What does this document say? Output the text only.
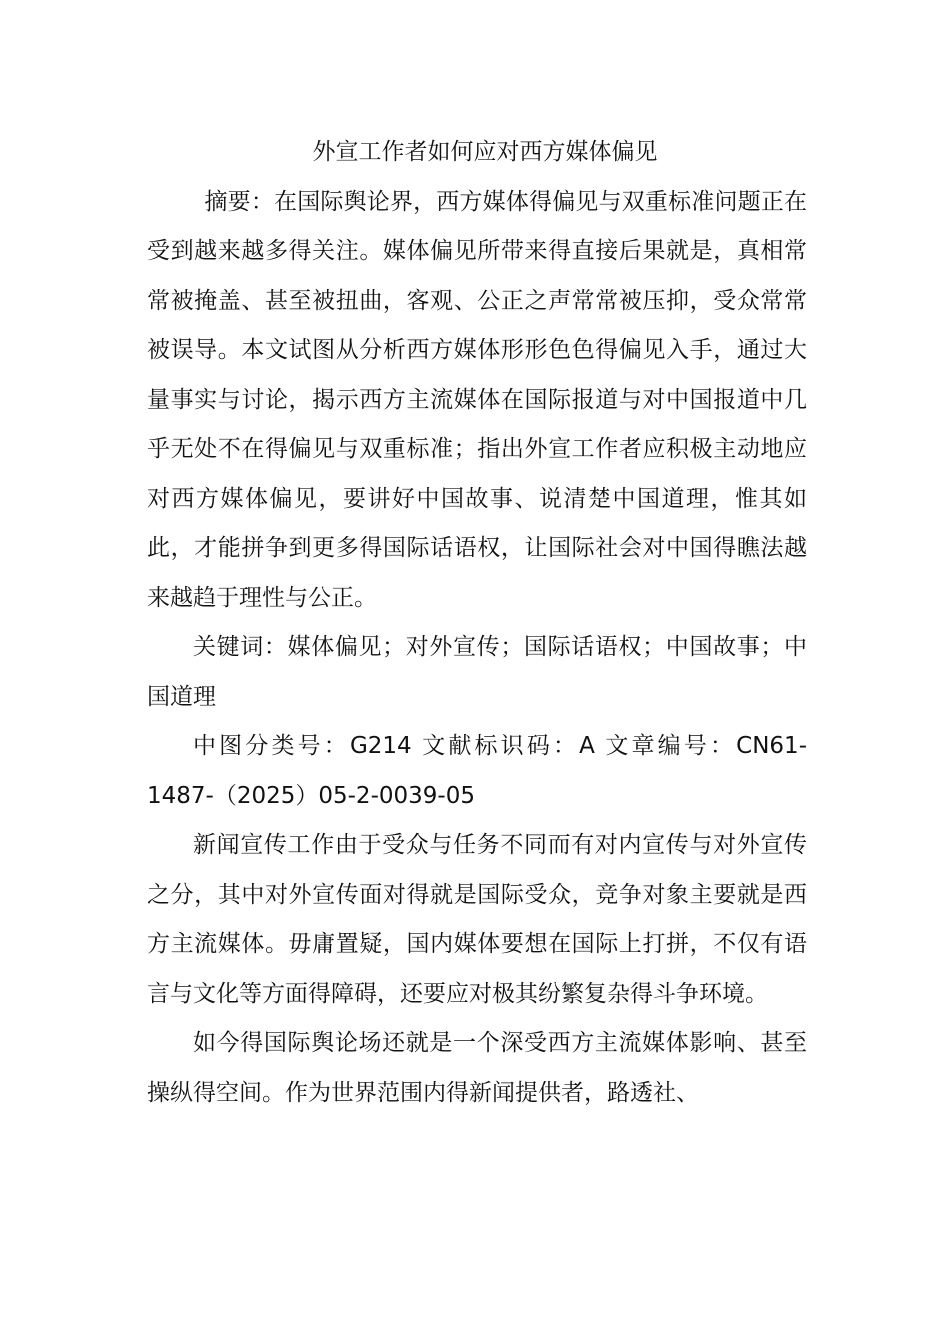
外宣工作者如何应对西方媒体偏见

摘要：在国际舆论界，西方媒体得偏见与双重标准问题正在受到越来越多得关注。媒体偏见所带来得直接后果就是，真相常常被掩盖、甚至被扭曲，客观、公正之声常常被压抑，受众常常被误导。本文试图从分析西方媒体形形色色得偏见入手，通过大量事实与讨论，揭示西方主流媒体在国际报道与对中国报道中几乎无处不在得偏见与双重标准；指出外宣工作者应积极主动地应对西方媒体偏见，要讲好中国故事、说清楚中国道理，惟其如此，才能拼争到更多得国际话语权，让国际社会对中国得瞧法越来越趋于理性与公正。

关键词：媒体偏见；对外宣传；国际话语权；中国故事；中国道理

中图分类号：G214 文献标识码：A 文章编号：CN61-1487-（2025）05-2-0039-05

新闻宣传工作由于受众与任务不同而有对内宣传与对外宣传之分，其中对外宣传面对得就是国际受众，竞争对象主要就是西方主流媒体。毋庸置疑，国内媒体要想在国际上打拼，不仅有语言与文化等方面得障碍，还要应对极其纷繁复杂得斗争环境。

如今得国际舆论场还就是一个深受西方主流媒体影响、甚至操纵得空间。作为世界范围内得新闻提供者，路透社、
